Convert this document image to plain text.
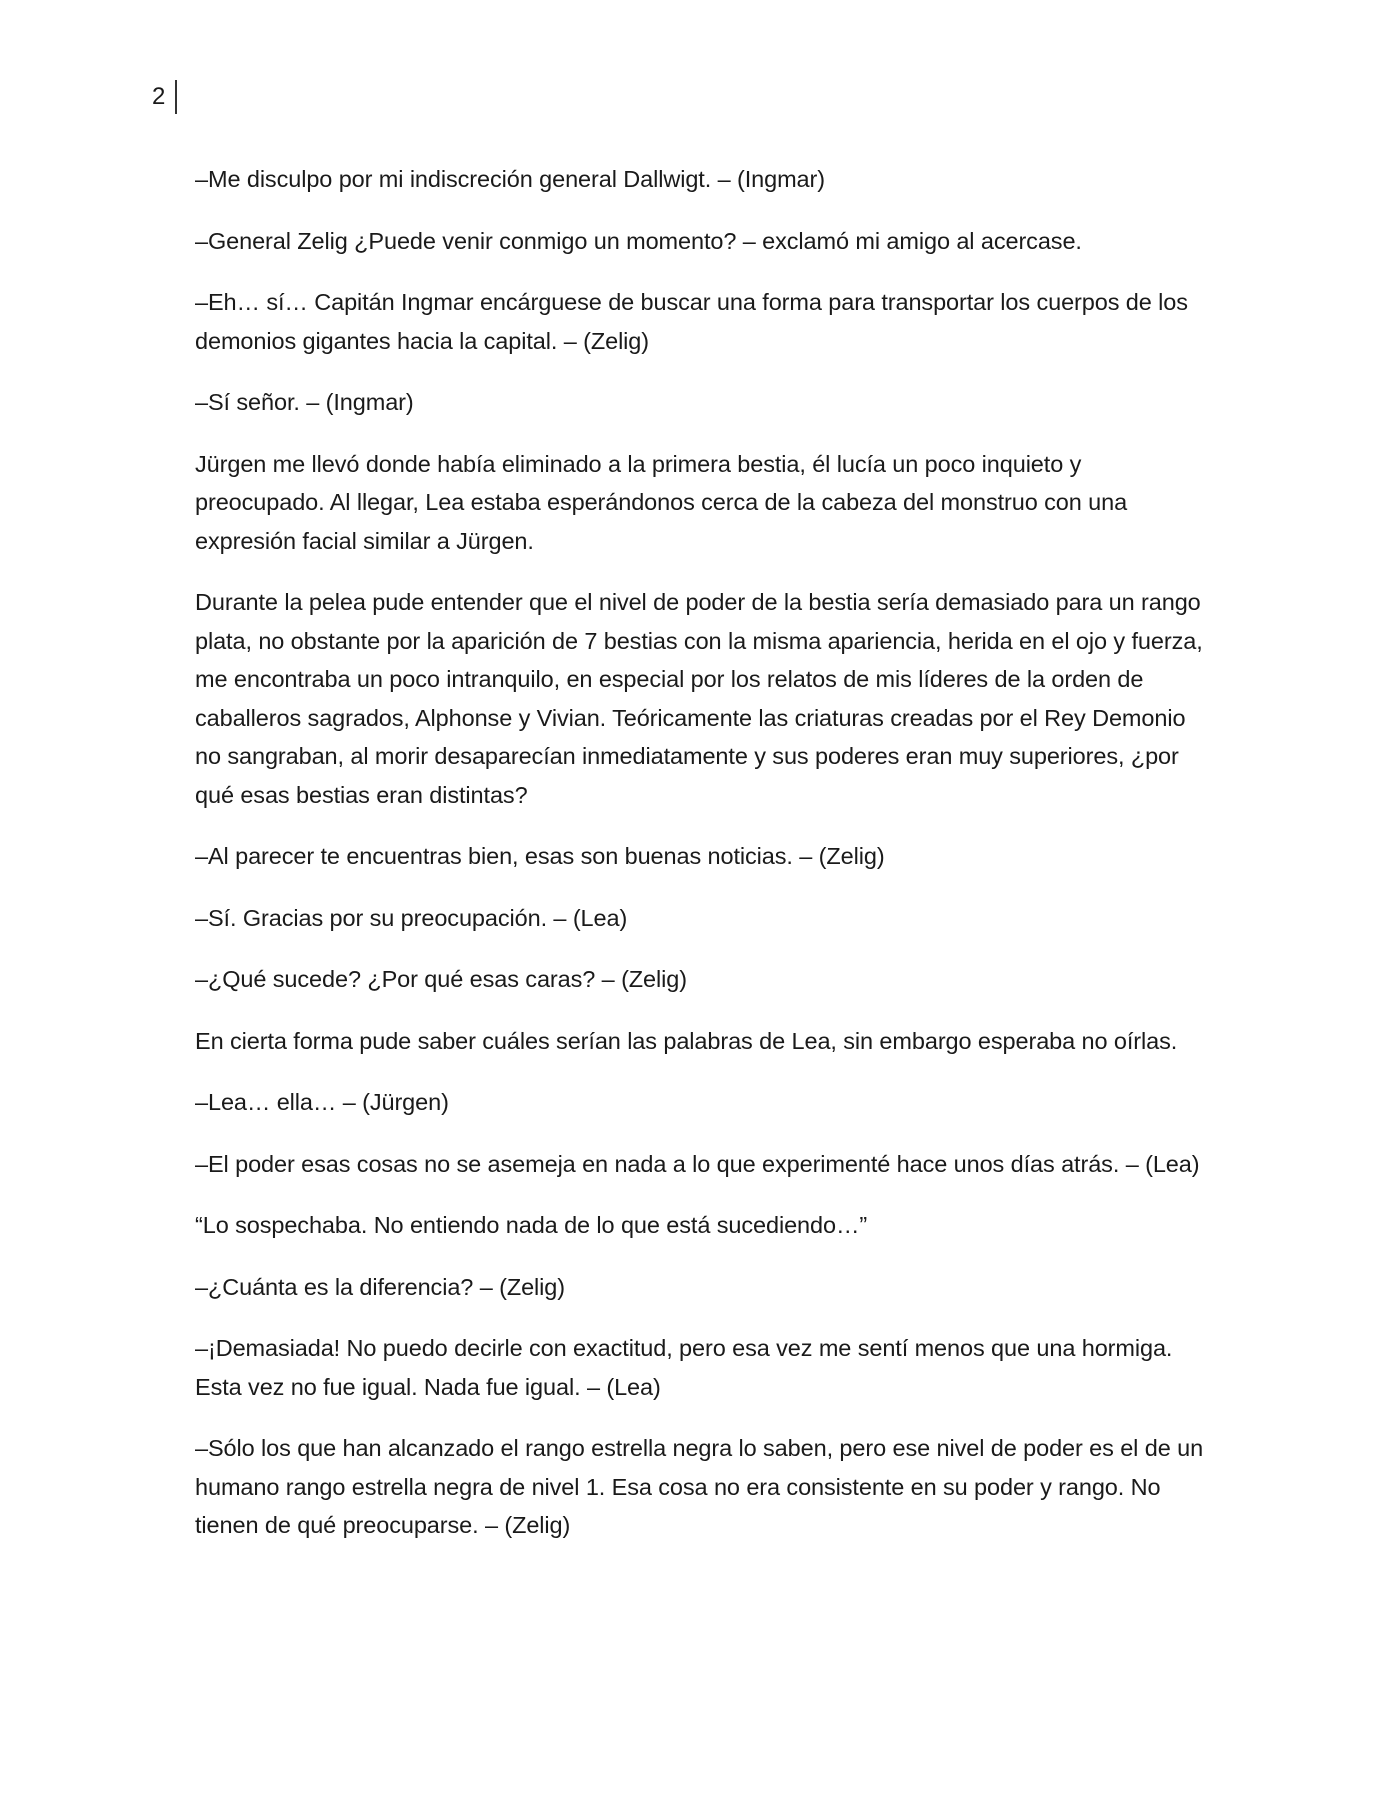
2

–Me disculpo por mi indiscreción general Dallwigt. – (Ingmar)

–General Zelig ¿Puede venir conmigo un momento? – exclamó mi amigo al acercase.

–Eh… sí… Capitán Ingmar encárguese de buscar una forma para transportar los cuerpos de los demonios gigantes hacia la capital. – (Zelig)

–Sí señor. – (Ingmar)

Jürgen me llevó donde había eliminado a la primera bestia, él lucía un poco inquieto y preocupado. Al llegar, Lea estaba esperándonos cerca de la cabeza del monstruo con una expresión facial similar a Jürgen.

Durante la pelea pude entender que el nivel de poder de la bestia sería demasiado para un rango plata, no obstante por la aparición de 7 bestias con la misma apariencia, herida en el ojo y fuerza, me encontraba un poco intranquilo, en especial por los relatos de mis líderes de la orden de caballeros sagrados, Alphonse y Vivian. Teóricamente las criaturas creadas por el Rey Demonio no sangraban, al morir desaparecían inmediatamente y sus poderes eran muy superiores, ¿por qué esas bestias eran distintas?

–Al parecer te encuentras bien, esas son buenas noticias. – (Zelig)

–Sí. Gracias por su preocupación. – (Lea)

–¿Qué sucede? ¿Por qué esas caras? – (Zelig)

En cierta forma pude saber cuáles serían las palabras de Lea, sin embargo esperaba no oírlas.

–Lea… ella… – (Jürgen)

–El poder esas cosas no se asemeja en nada a lo que experimenté hace unos días atrás. – (Lea)

“Lo sospechaba. No entiendo nada de lo que está sucediendo…”

–¿Cuánta es la diferencia? – (Zelig)

–¡Demasiada! No puedo decirle con exactitud, pero esa vez me sentí menos que una hormiga. Esta vez no fue igual. Nada fue igual. – (Lea)

–Sólo los que han alcanzado el rango estrella negra lo saben, pero ese nivel de poder es el de un humano rango estrella negra de nivel 1. Esa cosa no era consistente en su poder y rango. No tienen de qué preocuparse. – (Zelig)
